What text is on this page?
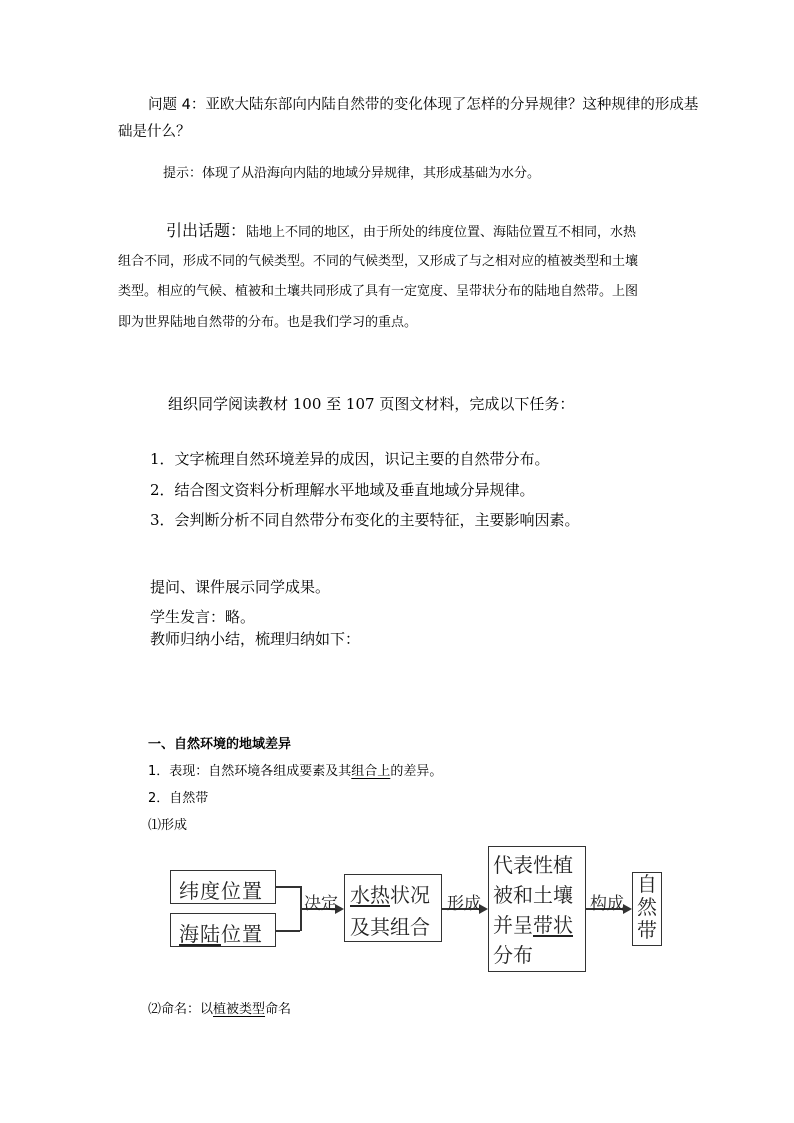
问题 4：亚欧大陆东部向内陆自然带的变化体现了怎样的分异规律？这种规律的形成基
础是什么？
提示：体现了从沿海向内陆的地域分异规律，其形成基础为水分。
引出话题：陆地上不同的地区，由于所处的纬度位置、海陆位置互不相同，水热
组合不同，形成不同的气候类型。不同的气候类型，又形成了与之相对应的植被类型和土壤
类型。相应的气候、植被和土壤共同形成了具有一定宽度、呈带状分布的陆地自然带。上图
即为世界陆地自然带的分布。也是我们学习的重点。
组织同学阅读教材 100 至 107 页图文材料，完成以下任务：
1．文字梳理自然环境差异的成因，识记主要的自然带分布。
2．结合图文资料分析理解水平地域及垂直地域分异规律。
3．会判断分析不同自然带分布变化的主要特征，主要影响因素。
提问、课件展示同学成果。
学生发言：略。
教师归纳小结，梳理归纳如下：
一、自然环境的地域差异
1．表现：自然环境各组成要素及其组合上的差异。
2．自然带
⑴形成
纬度位置
海陆位置
决定 水热状况
及其组合
形成
代表性植
被和土壤
并呈带状
分布
构成
自
然
带
⑵命名：以植被类型命名
